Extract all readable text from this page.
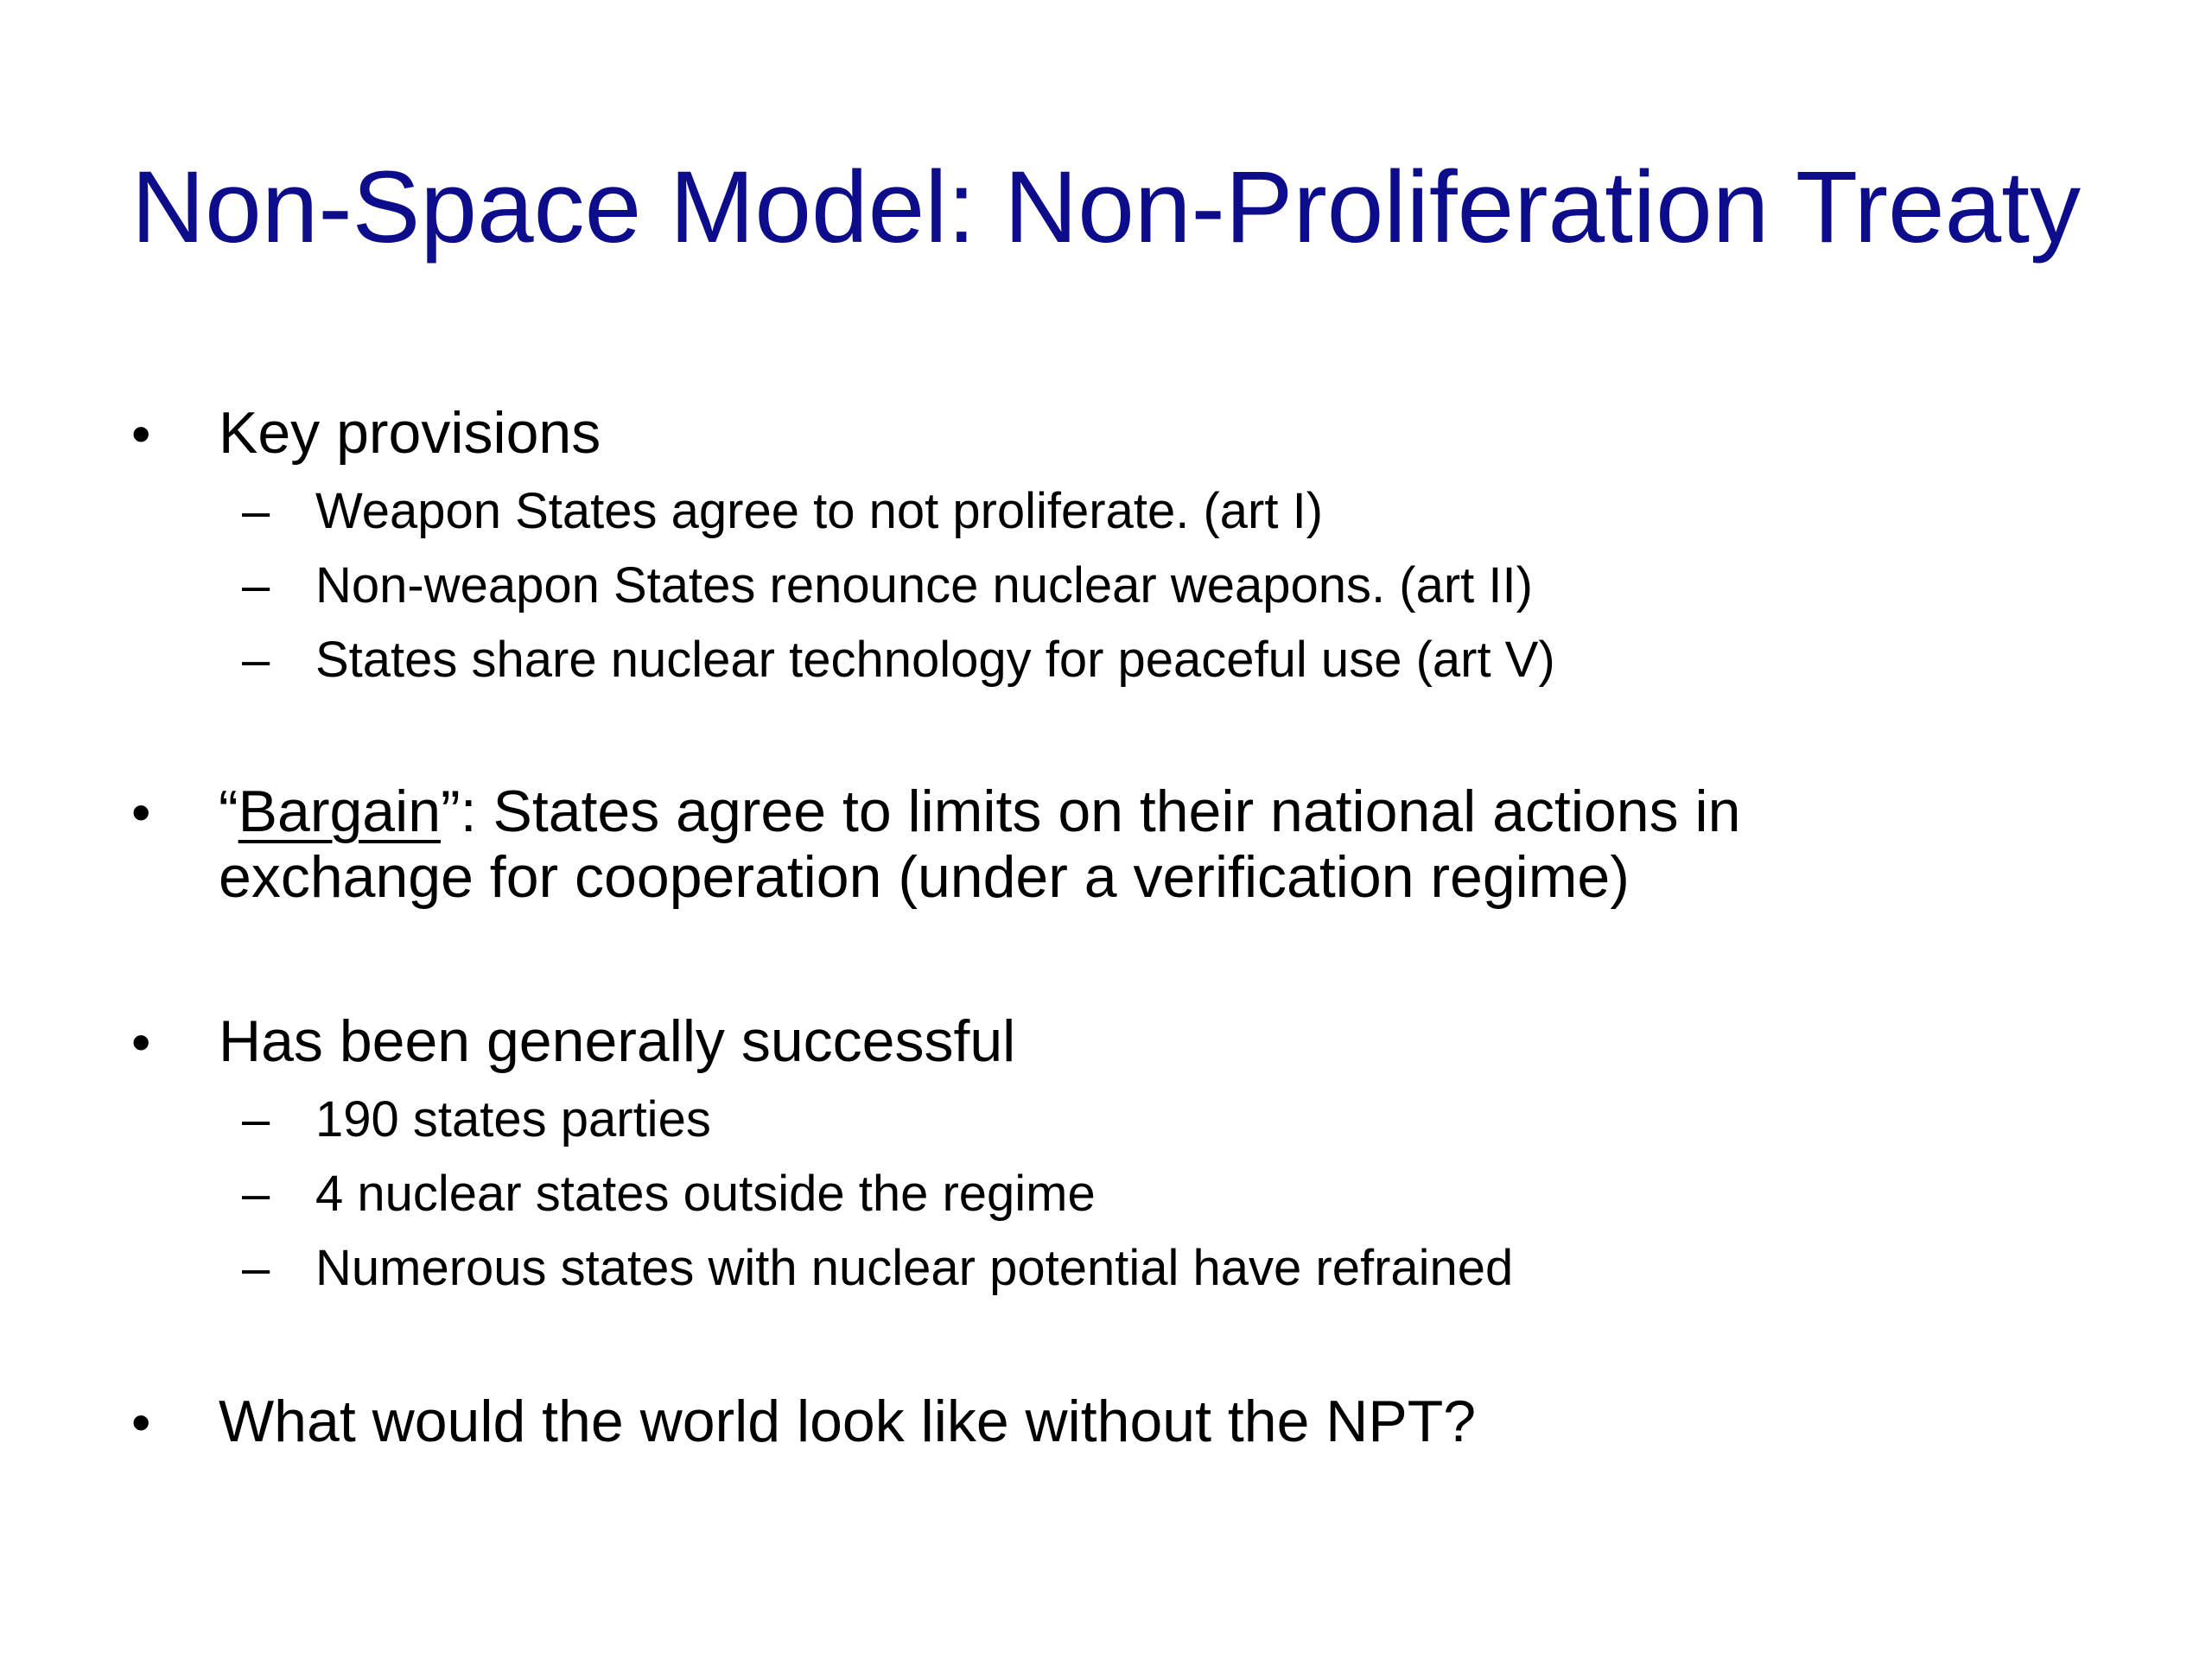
Non-Space Model: Non-Proliferation Treaty
• Key provisions
– Weapon States agree to not proliferate. (art I)
– Non-weapon States renounce nuclear weapons. (art II)
– States share nuclear technology for peaceful use (art V)
• “Bargain”: States agree to limits on their national actions in
exchange for cooperation (under a verification regime)
• Has been generally successful
– 190 states parties
– 4 nuclear states outside the regime
– Numerous states with nuclear potential have refrained
• What would the world look like without the NPT?
